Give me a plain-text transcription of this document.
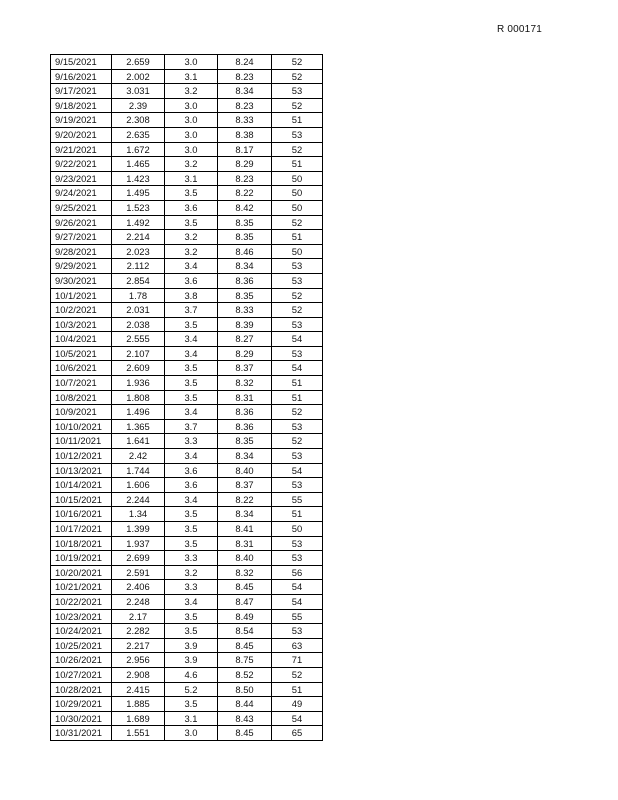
R 000171
9/15/2021	2.659	3.0	8.24	52
9/16/2021	2.002	3.1	8.23	52
9/17/2021	3.031	3.2	8.34	53
9/18/2021	2.39	3.0	8.23	52
9/19/2021	2.308	3.0	8.33	51
9/20/2021	2.635	3.0	8.38	53
9/21/2021	1.672	3.0	8.17	52
9/22/2021	1.465	3.2	8.29	51
9/23/2021	1.423	3.1	8.23	50
9/24/2021	1.495	3.5	8.22	50
9/25/2021	1.523	3.6	8.42	50
9/26/2021	1.492	3.5	8.35	52
9/27/2021	2.214	3.2	8.35	51
9/28/2021	2.023	3.2	8.46	50
9/29/2021	2.112	3.4	8.34	53
9/30/2021	2.854	3.6	8.36	53
10/1/2021	1.78	3.8	8.35	52
10/2/2021	2.031	3.7	8.33	52
10/3/2021	2.038	3.5	8.39	53
10/4/2021	2.555	3.4	8.27	54
10/5/2021	2.107	3.4	8.29	53
10/6/2021	2.609	3.5	8.37	54
10/7/2021	1.936	3.5	8.32	51
10/8/2021	1.808	3.5	8.31	51
10/9/2021	1.496	3.4	8.36	52
10/10/2021	1.365	3.7	8.36	53
10/11/2021	1.641	3.3	8.35	52
10/12/2021	2.42	3.4	8.34	53
10/13/2021	1.744	3.6	8.40	54
10/14/2021	1.606	3.6	8.37	53
10/15/2021	2.244	3.4	8.22	55
10/16/2021	1.34	3.5	8.34	51
10/17/2021	1.399	3.5	8.41	50
10/18/2021	1.937	3.5	8.31	53
10/19/2021	2.699	3.3	8.40	53
10/20/2021	2.591	3.2	8.32	56
10/21/2021	2.406	3.3	8.45	54
10/22/2021	2.248	3.4	8.47	54
10/23/2021	2.17	3.5	8.49	55
10/24/2021	2.282	3.5	8.54	53
10/25/2021	2.217	3.9	8.45	63
10/26/2021	2.956	3.9	8.75	71
10/27/2021	2.908	4.6	8.52	52
10/28/2021	2.415	5.2	8.50	51
10/29/2021	1.885	3.5	8.44	49
10/30/2021	1.689	3.1	8.43	54
10/31/2021	1.551	3.0	8.45	65
